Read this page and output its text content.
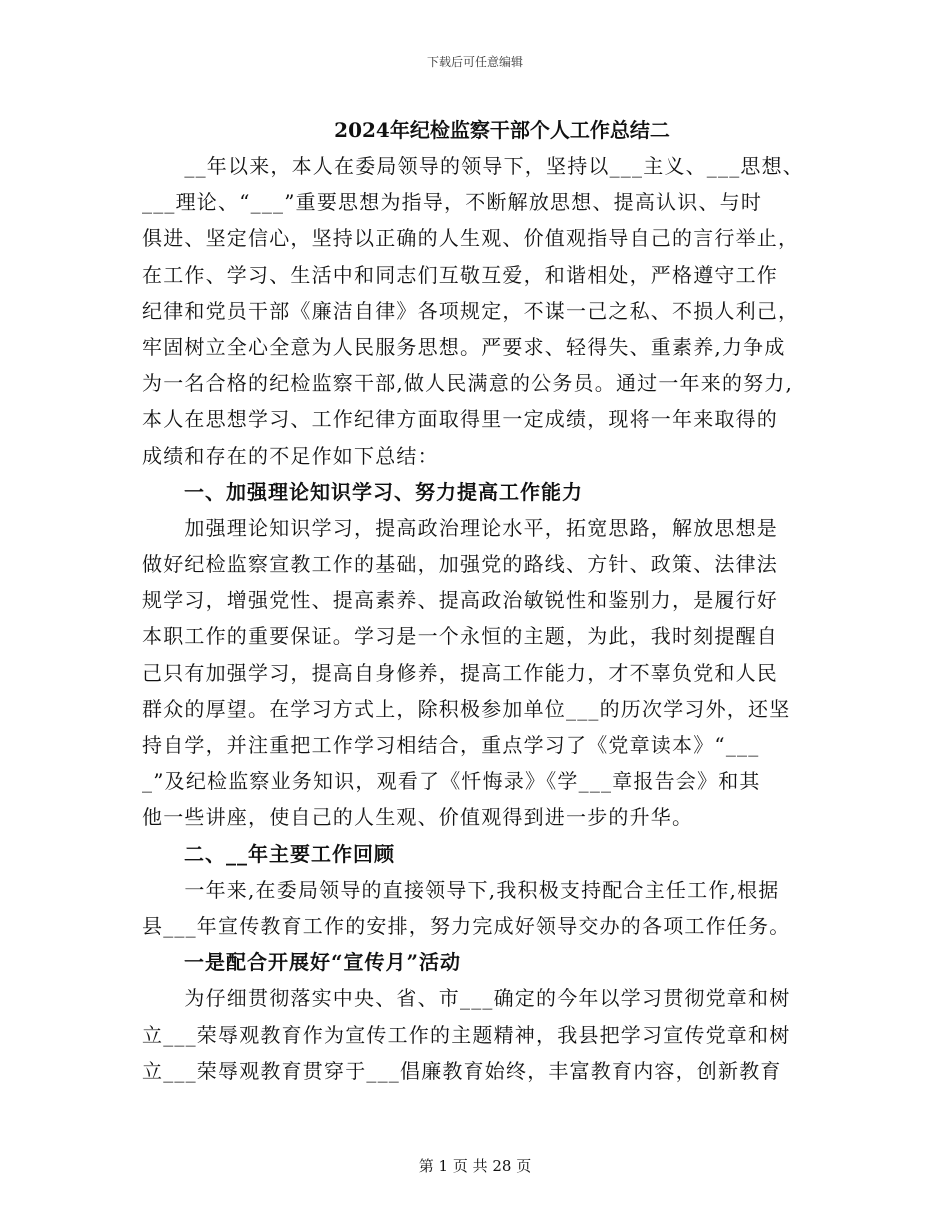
下载后可任意编辑
2024年纪检监察干部个人工作总结二
　　__年以来，本人在委局领导的领导下，坚持以___主义、___思想、
___理论、“___”重要思想为指导，不断解放思想、提高认识、与时
俱进、坚定信心，坚持以正确的人生观、价值观指导自己的言行举止，
在工作、学习、生活中和同志们互敬互爱，和谐相处，严格遵守工作
纪律和党员干部《廉洁自律》各项规定，不谋一己之私、不损人利己，
牢固树立全心全意为人民服务思想。严要求、轻得失、重素养,力争成
为一名合格的纪检监察干部,做人民满意的公务员。通过一年来的努力,
本人在思想学习、工作纪律方面取得里一定成绩，现将一年来取得的
成绩和存在的不足作如下总结：
　　一、加强理论知识学习、努力提高工作能力
　　加强理论知识学习，提高政治理论水平，拓宽思路，解放思想是
做好纪检监察宣教工作的基础，加强党的路线、方针、政策、法律法
规学习，增强党性、提高素养、提高政治敏锐性和鉴别力，是履行好
本职工作的重要保证。学习是一个永恒的主题，为此，我时刻提醒自
己只有加强学习，提高自身修养，提高工作能力，才不辜负党和人民
群众的厚望。在学习方式上，除积极参加单位___的历次学习外，还坚
持自学，并注重把工作学习相结合，重点学习了《党章读本》“___
_”及纪检监察业务知识，观看了《忏悔录》《学___章报告会》和其
他一些讲座，使自己的人生观、价值观得到进一步的升华。
　　二、__年主要工作回顾
　　一年来,在委局领导的直接领导下,我积极支持配合主任工作,根据
县___年宣传教育工作的安排，努力完成好领导交办的各项工作任务。
　　一是配合开展好“宣传月”活动
　　为仔细贯彻落实中央、省、市___确定的今年以学习贯彻党章和树
立___荣辱观教育作为宣传工作的主题精神，我县把学习宣传党章和树
立___荣辱观教育贯穿于___倡廉教育始终，丰富教育内容，创新教育
第 1 页 共 28 页
